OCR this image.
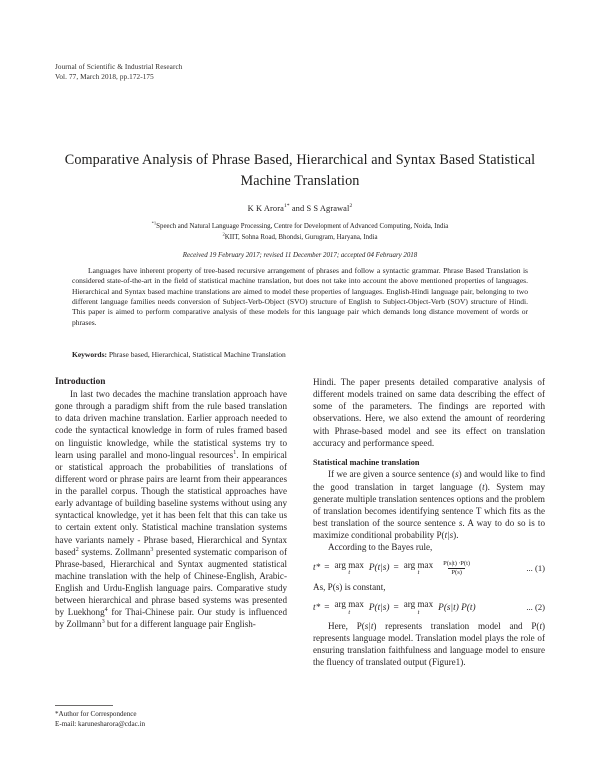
Journal of Scientific & Industrial Research
Vol. 77, March 2018, pp.172-175
Comparative Analysis of Phrase Based, Hierarchical and Syntax Based Statistical Machine Translation
K K Arora$^{1*}$ and S S Agrawal$^2$
$^{*1}$Speech and Natural Language Processing, Centre for Development of Advanced Computing, Noida, India
$^2$KIIT, Sohna Road, Bhondsi, Gurugram, Haryana, India
Received 19 February 2017; revised 11 December 2017; accepted 04 February 2018
Languages have inherent property of tree-based recursive arrangement of phrases and follow a syntactic grammar. Phrase Based Translation is considered state-of-the-art in the field of statistical machine translation, but does not take into account the above mentioned properties of languages. Hierarchical and Syntax based machine translations are aimed to model these properties of languages. English-Hindi language pair, belonging to two different language families needs conversion of Subject-Verb-Object (SVO) structure of English to Subject-Object-Verb (SOV) structure of Hindi. This paper is aimed to perform comparative analysis of these models for this language pair which demands long distance movement of words or phrases.
Keywords: Phrase based, Hierarchical, Statistical Machine Translation
Introduction

In last two decades the machine translation approach have gone through a paradigm shift from the rule based translation to data driven machine translation. Earlier approach needed to code the syntactical knowledge in form of rules framed based on linguistic knowledge, while the statistical systems try to learn using parallel and mono-lingual resources$^1$. In empirical or statistical approach the probabilities of translations of different word or phrase pairs are learnt from their appearances in the parallel corpus. Though the statistical approaches have early advantage of building baseline systems without using any syntactical knowledge, yet it has been felt that this can take us to certain extent only. Statistical machine translation systems have variants namely - Phrase based, Hierarchical and Syntax based$^2$ systems. Zollmann$^3$ presented systematic comparison of Phrase-based, Hierarchical and Syntax augmented statistical machine translation with the help of Chinese-English, Arabic-English and Urdu-English language pairs. Comparative study between hierarchical and phrase based systems was presented by Luekhong$^4$ for Thai-Chinese pair. Our study is influenced by Zollmann$^3$ but for a different language pair English-

Hindi. The paper presents detailed comparative analysis of different models trained on same data describing the effect of some of the parameters. The findings are reported with observations. Here, we also extend the amount of reordering with Phrase-based model and see its effect on translation accuracy and performance speed.

Statistical machine translation

If we are given a source sentence (s) and would like to find the good translation in target language (t). System may generate multiple translation sentences options and the problem of translation becomes identifying sentence T which fits as the best translation of the source sentence s. A way to do so is to maximize conditional probability P(t|s).

According to the Bayes rule,

t* = arg max
t P(t|s) = arg max
t	$\frac{P(s|t) \cdot P(t)}{P(s)}$	... (1)

As, P(s) is constant,

t* = arg max
t P(t|s) = arg max
t P(s|t) P(t)	... (2)

Here, P(s|t) represents translation model and P(t) represents language model. Translation model plays the role of ensuring translation faithfulness and language model to ensure the fluency of translated output (Figure1).

*Author for Correspondence
E-mail: karunesharora@cdac.in
